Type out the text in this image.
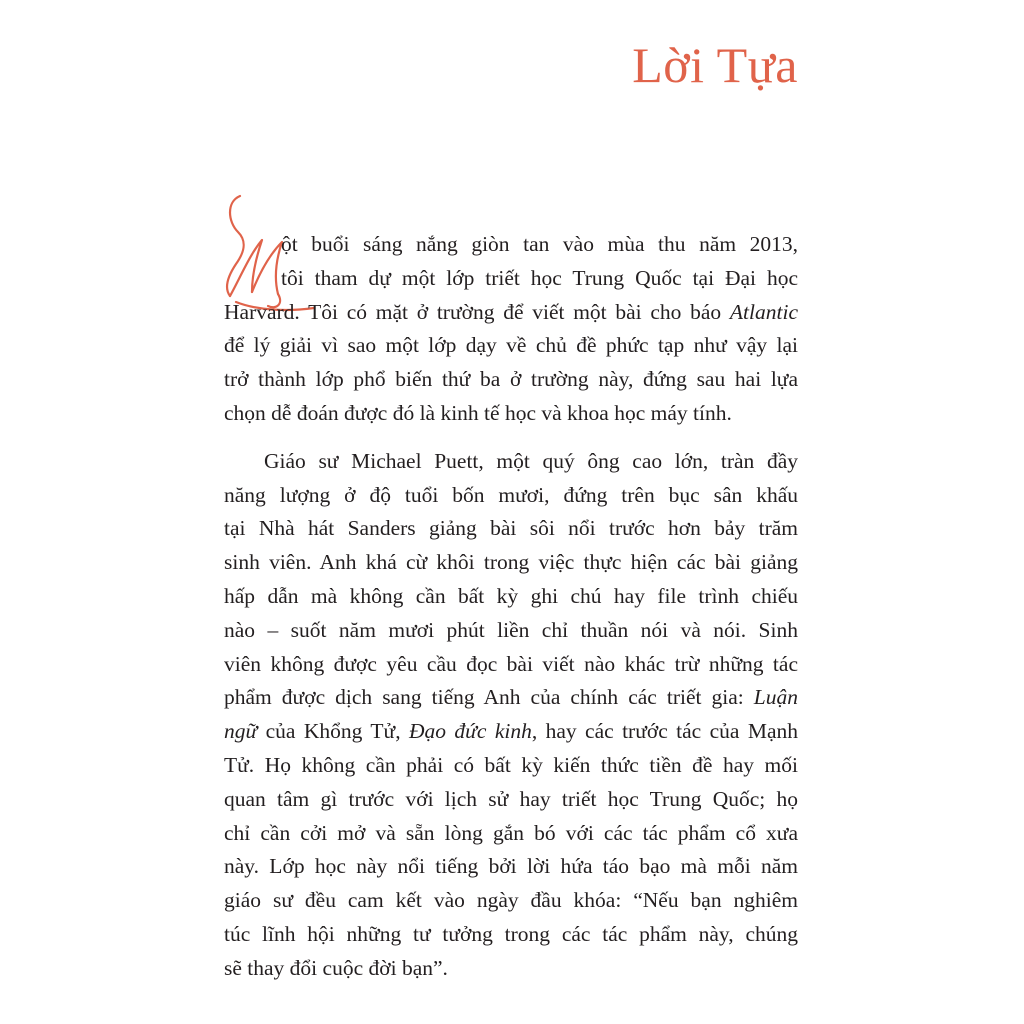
Lời Tựa
ột buổi sáng nắng giòn tan vào mùa thu năm 2013,
tôi tham dự một lớp triết học Trung Quốc tại Đại học
Harvard. Tôi có mặt ở trường để viết một bài cho báo Atlantic
để lý giải vì sao một lớp dạy về chủ đề phức tạp như vậy lại
trở thành lớp phổ biến thứ ba ở trường này, đứng sau hai lựa
chọn dễ đoán được đó là kinh tế học và khoa học máy tính.
Giáo sư Michael Puett, một quý ông cao lớn, tràn đầy
năng lượng ở độ tuổi bốn mươi, đứng trên bục sân khấu
tại Nhà hát Sanders giảng bài sôi nổi trước hơn bảy trăm
sinh viên. Anh khá cừ khôi trong việc thực hiện các bài giảng
hấp dẫn mà không cần bất kỳ ghi chú hay file trình chiếu
nào – suốt năm mươi phút liền chỉ thuần nói và nói. Sinh
viên không được yêu cầu đọc bài viết nào khác trừ những tác
phẩm được dịch sang tiếng Anh của chính các triết gia: Luận
ngữ của Khổng Tử, Đạo đức kinh, hay các trước tác của Mạnh
Tử. Họ không cần phải có bất kỳ kiến thức tiền đề hay mối
quan tâm gì trước với lịch sử hay triết học Trung Quốc; họ
chỉ cần cởi mở và sẵn lòng gắn bó với các tác phẩm cổ xưa
này. Lớp học này nổi tiếng bởi lời hứa táo bạo mà mỗi năm
giáo sư đều cam kết vào ngày đầu khóa: “Nếu bạn nghiêm
túc lĩnh hội những tư tưởng trong các tác phẩm này, chúng
sẽ thay đổi cuộc đời bạn”.
